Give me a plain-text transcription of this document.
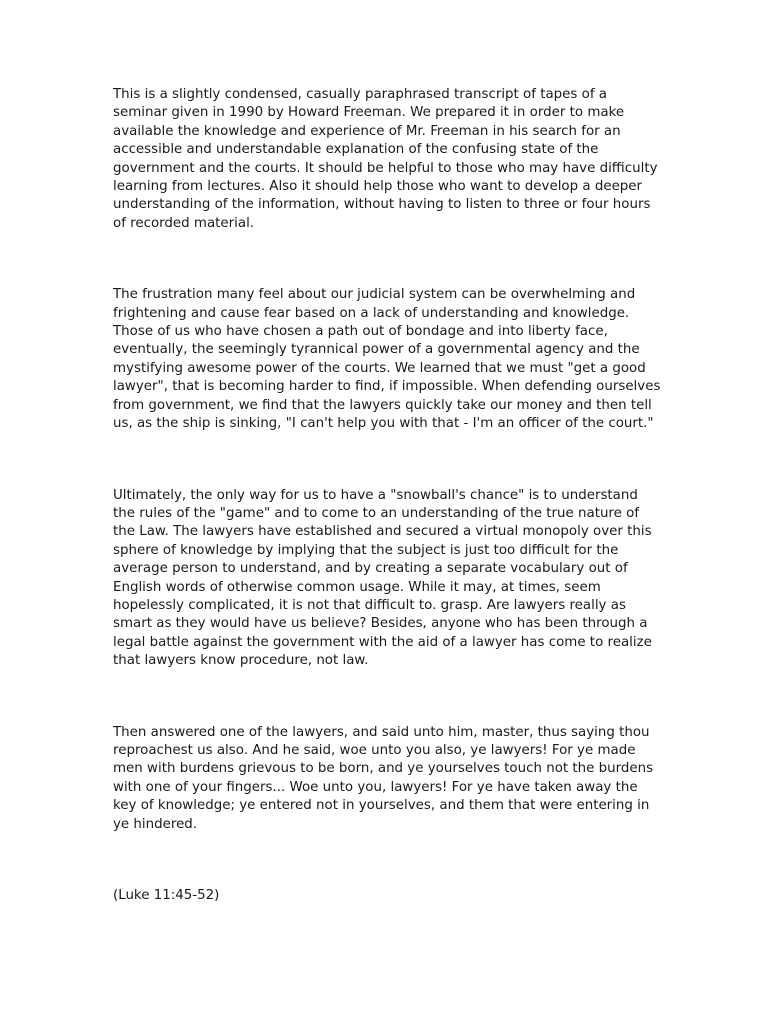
This is a slightly condensed, casually paraphrased transcript of tapes of a seminar given in 1990 by Howard Freeman. We prepared it in order to make available the knowledge and experience of Mr. Freeman in his search for an accessible and understandable explanation of the confusing state of the government and the courts. It should be helpful to those who may have difficulty learning from lectures. Also it should help those who want to develop a deeper understanding of the information, without having to listen to three or four hours of recorded material.

The frustration many feel about our judicial system can be overwhelming and frightening and cause fear based on a lack of understanding and knowledge. Those of us who have chosen a path out of bondage and into liberty face, eventually, the seemingly tyrannical power of a governmental agency and the mystifying awesome power of the courts. We learned that we must "get a good lawyer", that is becoming harder to find, if impossible. When defending ourselves from government, we find that the lawyers quickly take our money and then tell us, as the ship is sinking, "I can't help you with that - I'm an officer of the court."

Ultimately, the only way for us to have a "snowball's chance" is to understand the rules of the "game" and to come to an understanding of the true nature of the Law. The lawyers have established and secured a virtual monopoly over this sphere of knowledge by implying that the subject is just too difficult for the average person to understand, and by creating a separate vocabulary out of English words of otherwise common usage. While it may, at times, seem hopelessly complicated, it is not that difficult to. grasp. Are lawyers really as smart as they would have us believe? Besides, anyone who has been through a legal battle against the government with the aid of a lawyer has come to realize that lawyers know procedure, not law.

Then answered one of the lawyers, and said unto him, master, thus saying thou reproachest us also. And he said, woe unto you also, ye lawyers! For ye made men with burdens grievous to be born, and ye yourselves touch not the burdens with one of your fingers... Woe unto you, lawyers! For ye have taken away the key of knowledge; ye entered not in yourselves, and them that were entering in ye hindered.

(Luke 11:45-52)
